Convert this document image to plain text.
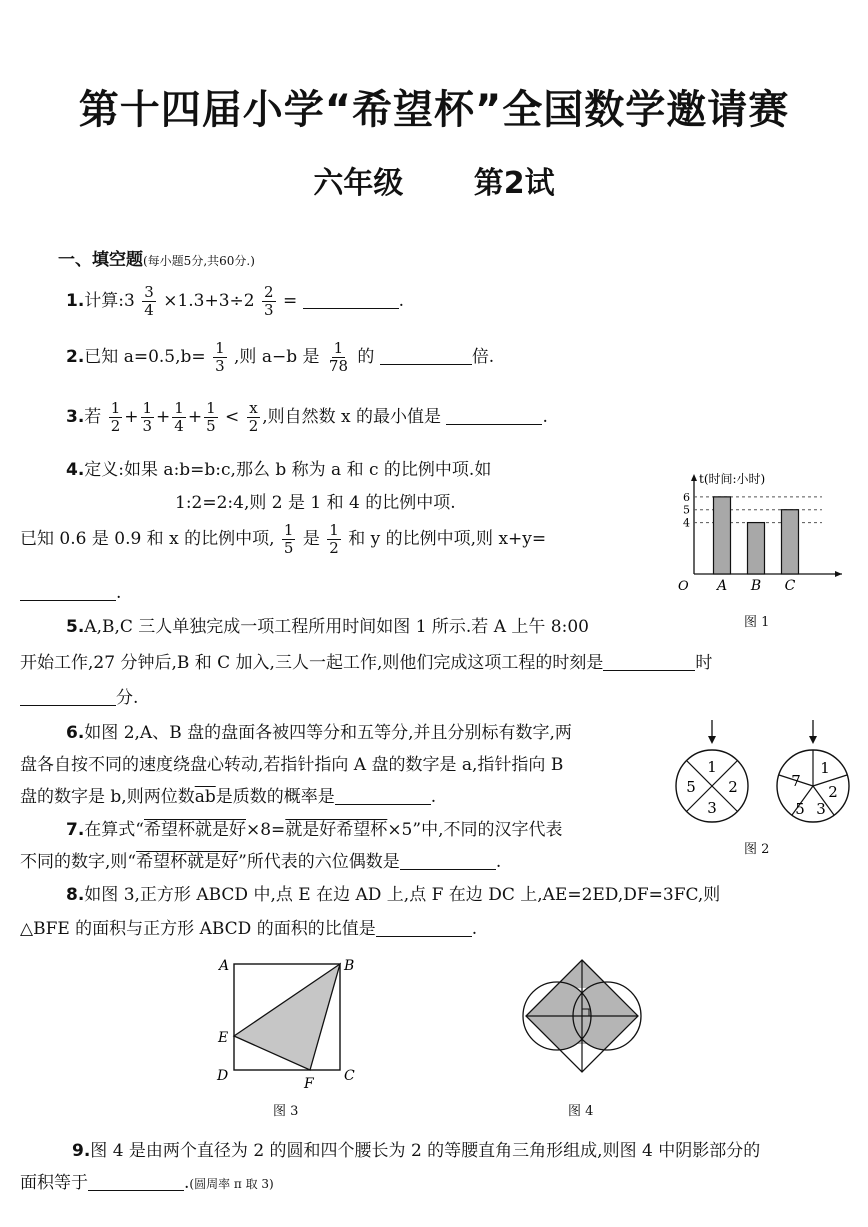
第十四届小学“希望杯”全国数学邀请赛
六年级 第2试
一、填空题(每小题5分,共60分.)
1.计算:3 $\frac{3}{4} \times 1.3+3\div 2 \frac{2}{3}$ =	.
2.已知 $a=0.5,b= \frac{1}{3}$ ,则 a−b 是 $\frac{1}{78}$ 的	倍.
3.若 $\frac{1}{2} + \frac{1}{3} + \frac{1}{4} + \frac{1}{5} < \frac{x}{2}$ ,则自然数 x 的最小值是	.
4.定义:如果 a:b=b:c,那么 b 称为 a 和 c 的比例中项.如
1:2=2:4,则 2 是 1 和 4 的比例中项.
已知 0.6 是 0.9 和 x 的比例中项, $\frac{1}{5}$ 是 $\frac{1}{2}$ 和 y 的比例中项,则 x+y=
.
t(时间:小时)
O
4
5
6
A B C
图 1
5.A,B,C 三人单独完成一项工程所用时间如图 1 所示.若 A 上午 8:00
开始工作,27 分钟后,B 和 C 加入,三人一起工作,则他们完成这项工程的时刻是	时
分.
6.如图 2,A、B 盘的盘面各被四等分和五等分,并且分别标有数字,两
盘各自按不同的速度绕盘心转动,若指针指向 A 盘的数字是 a,指针指向 B
盘的数字是 b,则两位数$\overline{ab}$是质数的概率是	.
1
2
3
5
1
2
3
5
7
图 2
7.在算式“希望杯就是好×8=就是好希望杯×5”中,不同的汉字代表
不同的数字,则“希望杯就是好”所代表的六位偶数是	.
8.如图 3,正方形 ABCD 中,点 E 在边 AD 上,点 F 在边 DC 上,AE=2ED,DF=3FC,则
△BFE 的面积与正方形 ABCD 的面积的比值是	.
A	B
C
D
E
F
图 3	图 4
9.图 4 是由两个直径为 2 的圆和四个腰长为 2 的等腰直角三角形组成,则图 4 中阴影部分的
面积等于	.(圆周率 π 取 3)
